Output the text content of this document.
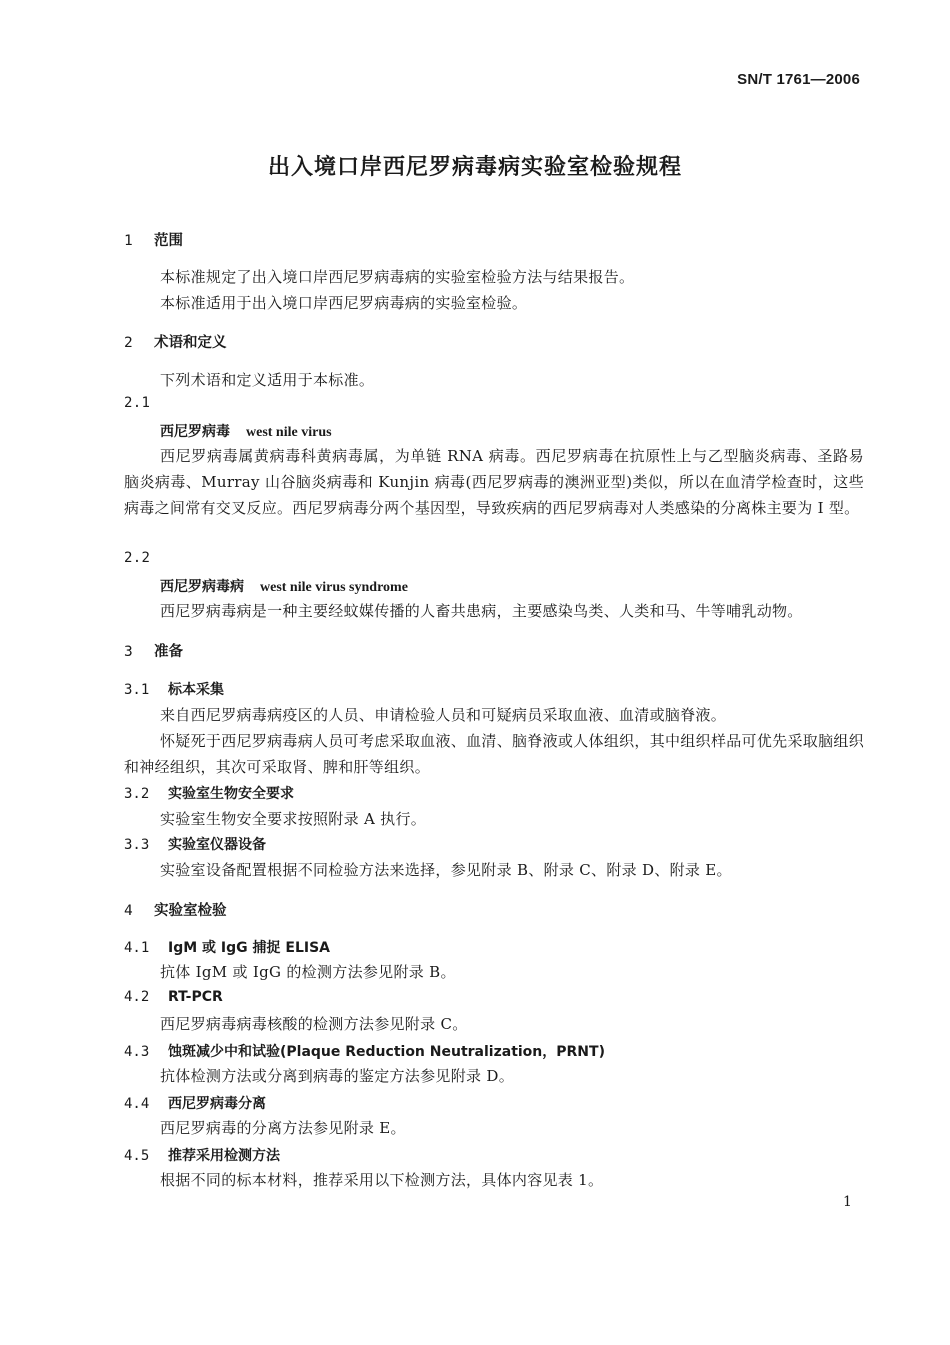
SN/T 1761—2006
出入境口岸西尼罗病毒病实验室检验规程
1 范围
本标准规定了出入境口岸西尼罗病毒病的实验室检验方法与结果报告。
本标准适用于出入境口岸西尼罗病毒病的实验室检验。
2 术语和定义
下列术语和定义适用于本标准。
2.1
西尼罗病毒 west nile virus
西尼罗病毒属黄病毒科黄病毒属，为单链 RNA 病毒。西尼罗病毒在抗原性上与乙型脑炎病毒、圣路易脑炎病毒、Murray 山谷脑炎病毒和 Kunjin 病毒(西尼罗病毒的澳洲亚型)类似，所以在血清学检查时，这些病毒之间常有交叉反应。西尼罗病毒分两个基因型，导致疾病的西尼罗病毒对人类感染的分离株主要为 I 型。
2.2
西尼罗病毒病 west nile virus syndrome
西尼罗病毒病是一种主要经蚊媒传播的人畜共患病，主要感染鸟类、人类和马、牛等哺乳动物。
3 准备
3.1 标本采集
来自西尼罗病毒病疫区的人员、申请检验人员和可疑病员采取血液、血清或脑脊液。
怀疑死于西尼罗病毒病人员可考虑采取血液、血清、脑脊液或人体组织，其中组织样品可优先采取脑组织和神经组织，其次可采取肾、脾和肝等组织。
3.2 实验室生物安全要求
实验室生物安全要求按照附录 A 执行。
3.3 实验室仪器设备
实验室设备配置根据不同检验方法来选择，参见附录 B、附录 C、附录 D、附录 E。
4 实验室检验
4.1 IgM 或 IgG 捕捉 ELISA
抗体 IgM 或 IgG 的检测方法参见附录 B。
4.2 RT-PCR
西尼罗病毒病毒核酸的检测方法参见附录 C。
4.3 蚀斑减少中和试验(Plaque Reduction Neutralization，PRNT)
抗体检测方法或分离到病毒的鉴定方法参见附录 D。
4.4 西尼罗病毒分离
西尼罗病毒的分离方法参见附录 E。
4.5 推荐采用检测方法
根据不同的标本材料，推荐采用以下检测方法，具体内容见表 1。
1
